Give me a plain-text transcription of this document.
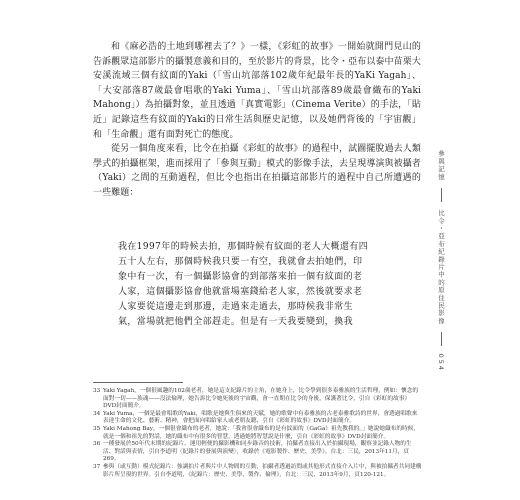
和《麻必浩的土地到哪裡去了？》一樣，《彩虹的故事》一開始就開門見山的告訴觀眾這部影片的攝製意義和目的，至於影片的背景，比令・亞布以泰中苗栗大安溪流域三個有紋面的Yaki（「雪山坑部落102歲年紀最年長的YaKi Yagah」、「大安部落87歲最會唱歌的Yaki Yuma」、「雪山坑部落89歲最會織布的Yaki Mahong」）為拍攝對象，並且透過「真實電影」（Cinema Verite）的手法，「貼近」記錄這些有紋面的Yaki的日常生活與歷史記憶，以及她們背後的「宇宙觀」和「生命觀」還有面對死亡的態度。

從另一個角度來看，比令在拍攝《彩虹的故事》的過程中，試圖擺脫過去人類學式的拍攝框架，進而採用了「參與互動」模式的影像手法，去呈現導演與被攝者（Yaki）之間的互動過程，但比令也指出在拍攝這部影片的過程中自己所遭遇的一些難題：

我在1997年的時候去拍，那個時候有紋面的老人大概還有四

五十人左右，那個時候我只要一有空，我就會去拍她們，印

象中有一次，有一個攝影協會的到部落來拍一個有紋面的老

人家，這個攝影協會他就當場塞錢給老人家，然後就要求老

人家要從這邊走到那邊，走過來走過去，那時候我非常生

氣，當場就把他們全部趕走。但是有一天我要變到，換我

33 Yaki Yagah，一個很風趣的102歲老者，她是這支紀錄片的主角，在她身上，比令學到很多泰雅族的生活哲理，例如：懷念的面對一切——族魂——沒法倫理，她告訴比令她死後的宇宙觀，會一直期在比令的身後，保護著比令，引自《彩虹的故事》DVD封面簡介。
34 Yaki Yuma，一個是最會唱歌的Yaki，唱歌是她與生俱來的天賦，她的歌聲中有泰雅族的古老泰雅歌詩的世界，會透過唱歌來表達生命的文化、藝術、精神，會把面向唱給家人或老朋友聽，引自《彩虹的故事》DVD封面簡介。
35 Yaki Mahong Bay，一個很會織布的老者，她說：「我會很會織布的是有紋面的（GaGa）祖先教我的。」她說她織布的時候，就是一個和祖先的對話，她的織布中有很多的智慧，透過她將智慧說是什麼，引自《彩虹的故事》DVD封面簡介。
36 一種發展於50年代末期的紀錄片，運用輕便的攝影機和同步錄音的技術，拍攝者直接出入於拍攝現場，觀察並記錄人物的生活、對話與表情，引自李道明〈紀錄片的發展與演變〉，收錄於《電影製作、歷史、美學》。台北：三民，2013年11月，頁269。
37 參與（或互動）模式紀錄片：強調拍片者與片中人物間的互動，拍攝者透過訪問或其他形式直接介入片中，與被拍攝者共同建構影片所呈現的世界。引自李道明，《紀錄片：歷史、美學、製作、倫理》，台北：三民，2013年9月，頁120-121。
參與記憶  比令・亞布紀錄片中的原住民影像  054
